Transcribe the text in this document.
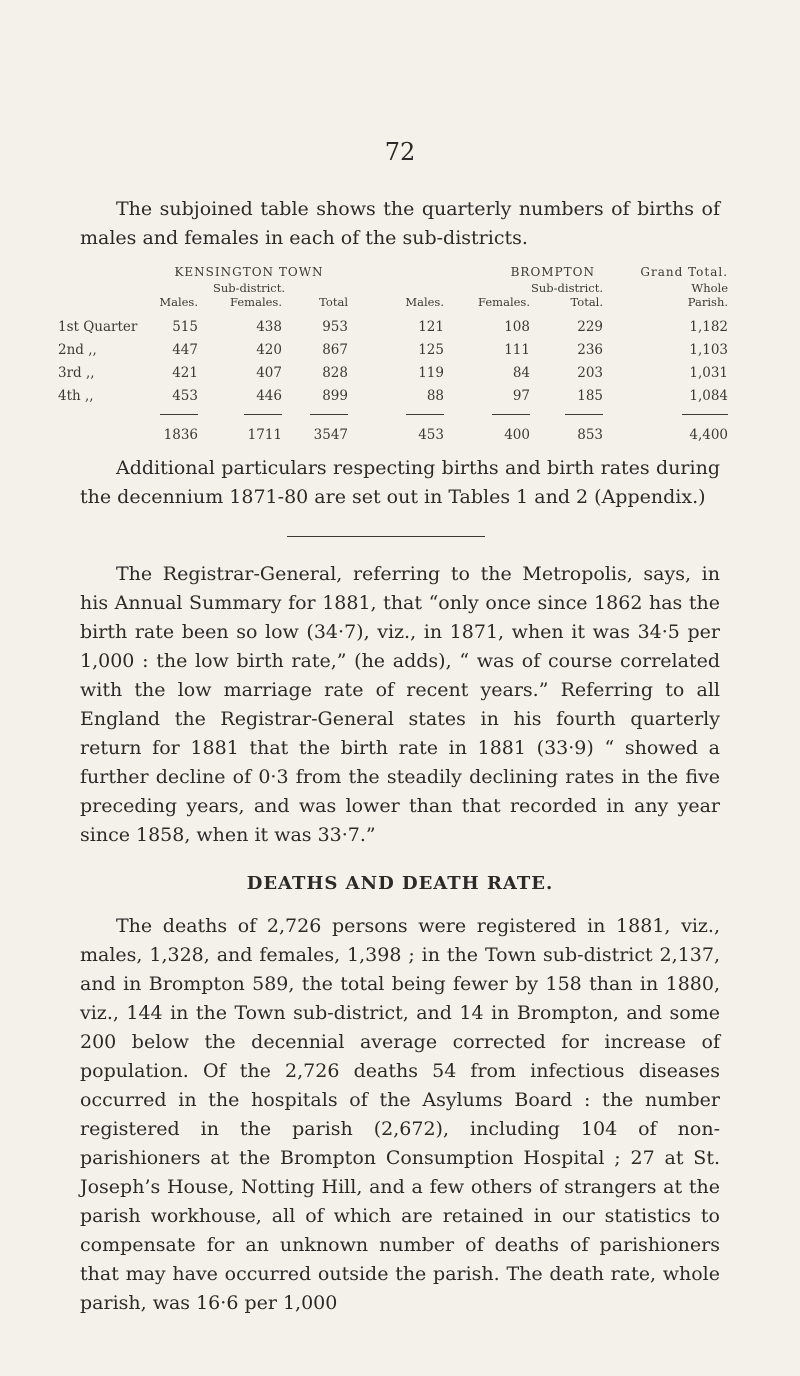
72

The subjoined table shows the quarterly numbers of births of males and females in each of the sub-districts.

	KENSINGTON TOWN			BROMPTON			Grand Total.
	Sub-district.			Sub-district.			Whole
	Males.	Females.	Total	Males.	Females.	Total.	Parish.
1st Quarter	515	438	953	121	108	229	1,182
2nd ,,	447	420	867	125	111	236	1,103
3rd ,,	421	407	828	119	84	203	1,031
4th ,,	453	446	899	88	97	185	1,084

	1836	1711	3547	453	400	853	4,400

Additional particulars respecting births and birth rates during the decennium 1871-80 are set out in Tables 1 and 2 (Appendix.)

The Registrar-General, referring to the Metropolis, says, in his Annual Summary for 1881, that “only once since 1862 has the birth rate been so low (34·7), viz., in 1871, when it was 34·5 per 1,000 : the low birth rate,” (he adds), “ was of course correlated with the low marriage rate of recent years.” Referring to all England the Registrar-General states in his fourth quarterly return for 1881 that the birth rate in 1881 (33·9) “ showed a further decline of 0·3 from the steadily declining rates in the five preceding years, and was lower than that recorded in any year since 1858, when it was 33·7.”

DEATHS AND DEATH RATE.

The deaths of 2,726 persons were registered in 1881, viz., males, 1,328, and females, 1,398 ; in the Town sub-district 2,137, and in Brompton 589, the total being fewer by 158 than in 1880, viz., 144 in the Town sub-district, and 14 in Brompton, and some 200 below the decennial average corrected for increase of population. Of the 2,726 deaths 54 from infectious diseases occurred in the hospitals of the Asylums Board : the number registered in the parish (2,672), including 104 of non-parishioners at the Brompton Consumption Hospital ; 27 at St. Joseph’s House, Notting Hill, and a few others of strangers at the parish workhouse, all of which are retained in our statistics to compensate for an unknown number of deaths of parishioners that may have occurred outside the parish. The death rate, whole parish, was 16·6 per 1,000
